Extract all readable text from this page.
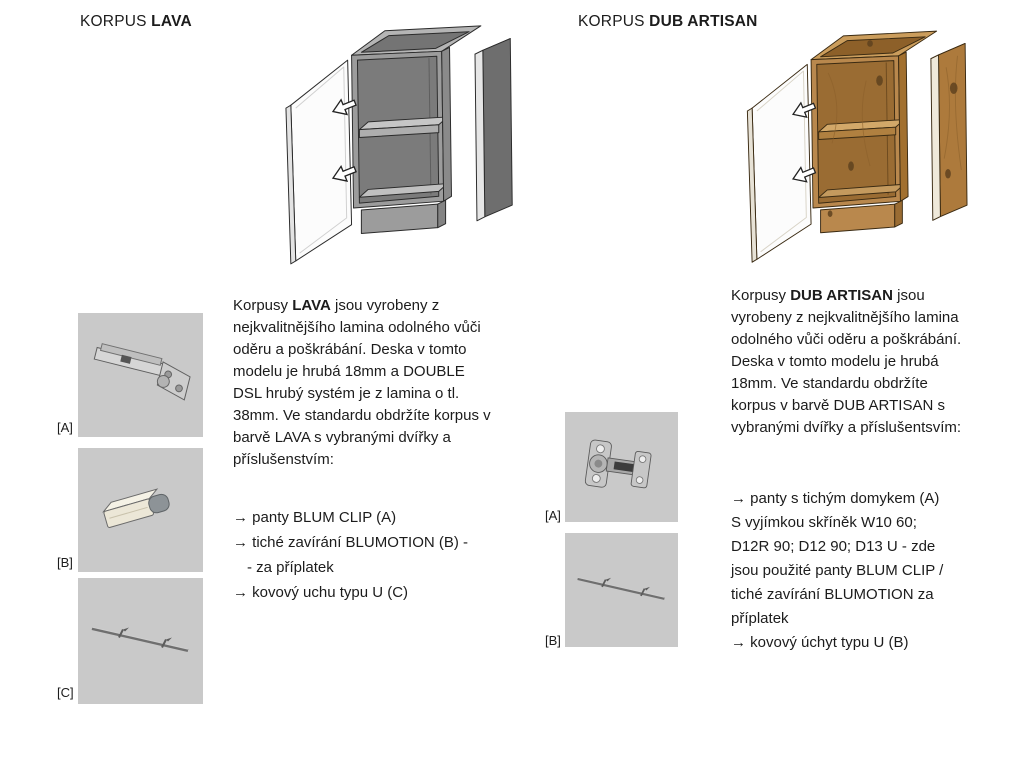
KORPUS LAVA
[A]
[B]
[C]
Korpusy LAVA jsou vyrobeny z nejkvalitnějšího lamina odolného vůči oděru a poškrábání. Deska v tomto modelu je hrubá 18mm a DOUBLE DSL hrubý systém je z lamina o tl. 38mm. Ve standardu obdržíte korpus v barvě LAVA s vybranými dvířky a příslušenstvím:
→ panty BLUM CLIP (A)
→ tiché zavírání BLUMOTION (B) -
- za příplatek
→ kovový uchu typu U (C)
KORPUS DUB ARTISAN
Korpusy DUB ARTISAN jsou vyrobeny z nejkvalitnějšího lamina odolného vůči oděru a poškrábání. Deska v tomto modelu je hrubá 18mm. Ve standardu obdržíte korpus v barvě DUB ARTISAN s vybranými dvířky a příslušentsvím:
[A]
[B]
→ panty s tichým domykem (A)
S vyjímkou skříněk W10 60;
D12R 90; D12 90; D13 U - zde
jsou použité panty BLUM CLIP /
tiché zavírání BLUMOTION za
příplatek
→ kovový úchyt typu U (B)
